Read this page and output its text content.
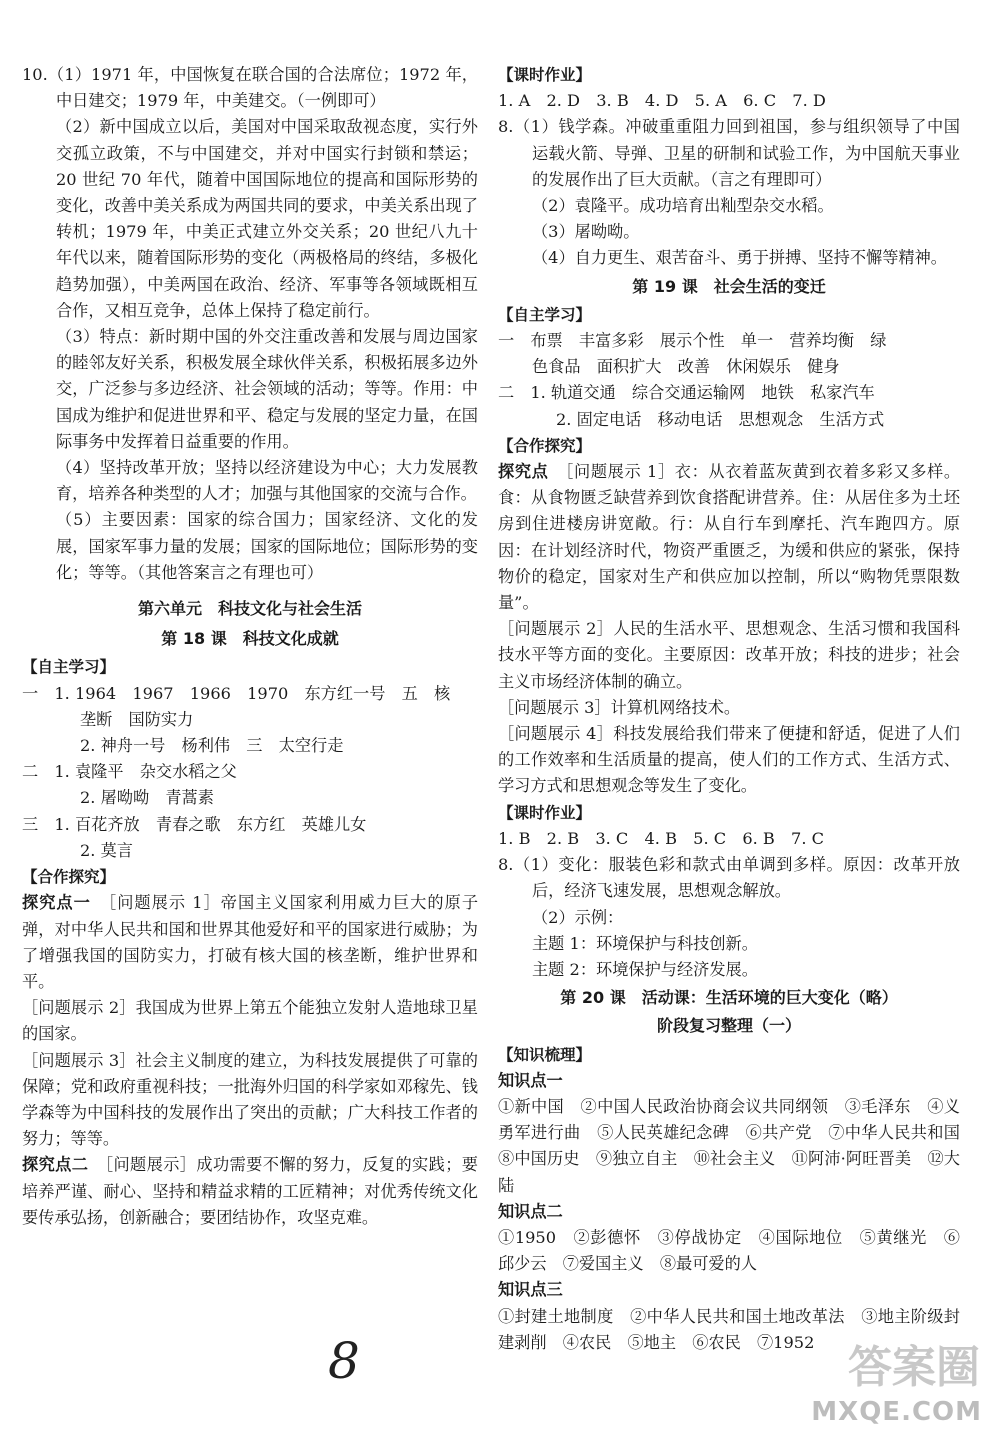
10.（1）1971 年，中国恢复在联合国的合法席位；1972 年，中日建交；1979 年，中美建交。（一例即可）

（2）新中国成立以后，美国对中国采取敌视态度，实行外交孤立政策，不与中国建交，并对中国实行封锁和禁运；20 世纪 70 年代，随着中国国际地位的提高和国际形势的变化，改善中美关系成为两国共同的要求，中美关系出现了转机；1979 年，中美正式建立外交关系；20 世纪八九十年代以来，随着国际形势的变化（两极格局的终结，多极化趋势加强），中美两国在政治、经济、军事等各领域既相互合作，又相互竞争，总体上保持了稳定前行。

（3）特点：新时期中国的外交注重改善和发展与周边国家的睦邻友好关系，积极发展全球伙伴关系，积极拓展多边外交，广泛参与多边经济、社会领域的活动；等等。作用：中国成为维护和促进世界和平、稳定与发展的坚定力量，在国际事务中发挥着日益重要的作用。

（4）坚持改革开放；坚持以经济建设为中心；大力发展教育，培养各种类型的人才；加强与其他国家的交流与合作。

（5）主要因素：国家的综合国力；国家经济、文化的发展，国家军事力量的发展；国家的国际地位；国际形势的变化；等等。（其他答案言之有理也可）

第六单元　科技文化与社会生活

第 18 课　科技文化成就

【自主学习】

一　1. 1964　1967　1966　1970　东方红一号　五　核

垄断　国防实力

2. 神舟一号　杨利伟　三　太空行走

二　1. 袁隆平　杂交水稻之父

2. 屠呦呦　青蒿素

三　1. 百花齐放　青春之歌　东方红　英雄儿女

2. 莫言

【合作探究】

探究点一　 ［问题展示 1］帝国主义国家利用威力巨大的原子弹，对中华人民共和国和世界其他爱好和平的国家进行威胁；为了增强我国的国防实力，打破有核大国的核垄断，维护世界和平。

［问题展示 2］我国成为世界上第五个能独立发射人造地球卫星的国家。

［问题展示 3］社会主义制度的建立，为科技发展提供了可靠的保障；党和政府重视科技；一批海外归国的科学家如邓稼先、钱学森等为中国科技的发展作出了突出的贡献；广大科技工作者的努力；等等。

探究点二　 ［问题展示］成功需要不懈的努力，反复的实践；要培养严谨、耐心、坚持和精益求精的工匠精神；对优秀传统文化要传承弘扬，创新融合；要团结协作，攻坚克难。

【课时作业】

1. A　2. D　3. B　4. D　5. A　6. C　7. D

8.（1）钱学森。冲破重重阻力回到祖国，参与组织领导了中国运载火箭、导弹、卫星的研制和试验工作，为中国航天事业的发展作出了巨大贡献。（言之有理即可）

（2）袁隆平。成功培育出籼型杂交水稻。

（3）屠呦呦。

（4）自力更生、艰苦奋斗、勇于拼搏、坚持不懈等精神。

第 19 课　社会生活的变迁

【自主学习】

一　布票　丰富多彩　展示个性　单一　营养均衡　绿

色食品　面积扩大　改善　休闲娱乐　健身

二　1. 轨道交通　综合交通运输网　地铁　私家汽车

2. 固定电话　移动电话　思想观念　生活方式

【合作探究】

探究点　 ［问题展示 1］衣：从衣着蓝灰黄到衣着多彩又多样。食：从食物匮乏缺营养到饮食搭配讲营养。住：从居住多为土坯房到住进楼房讲宽敞。行：从自行车到摩托、汽车跑四方。原因：在计划经济时代，物资严重匮乏，为缓和供应的紧张，保持物价的稳定，国家对生产和供应加以控制，所以“购物凭票限数量”。

［问题展示 2］人民的生活水平、思想观念、生活习惯和我国科技水平等方面的变化。主要原因：改革开放；科技的进步；社会主义市场经济体制的确立。

［问题展示 3］计算机网络技术。

［问题展示 4］科技发展给我们带来了便捷和舒适，促进了人们的工作效率和生活质量的提高，使人们的工作方式、生活方式、学习方式和思想观念等发生了变化。

【课时作业】

1. B　2. B　3. C　4. B　5. C　6. B　7. C

8.（1）变化：服装色彩和款式由单调到多样。原因：改革开放后，经济飞速发展，思想观念解放。

（2）示例：

主题 1：环境保护与科技创新。

主题 2：环境保护与经济发展。

第 20 课　活动课：生活环境的巨大变化（略）

阶段复习整理（一）

【知识梳理】

知识点一

①新中国　②中国人民政治协商会议共同纲领　③毛泽东　④义勇军进行曲　⑤人民英雄纪念碑　⑥共产党　⑦中华人民共和国　⑧中国历史　⑨独立自主　⑩社会主义　⑪阿沛·阿旺晋美　⑫大陆

知识点二

①1950　②彭德怀　③停战协定　④国际地位　⑤黄继光　⑥邱少云　⑦爱国主义　⑧最可爱的人

知识点三

①封建土地制度　②中华人民共和国土地改革法　③地主阶级封建剥削　④农民　⑤地主　⑥农民　⑦1952

8	答案圈
MXQE.COM
